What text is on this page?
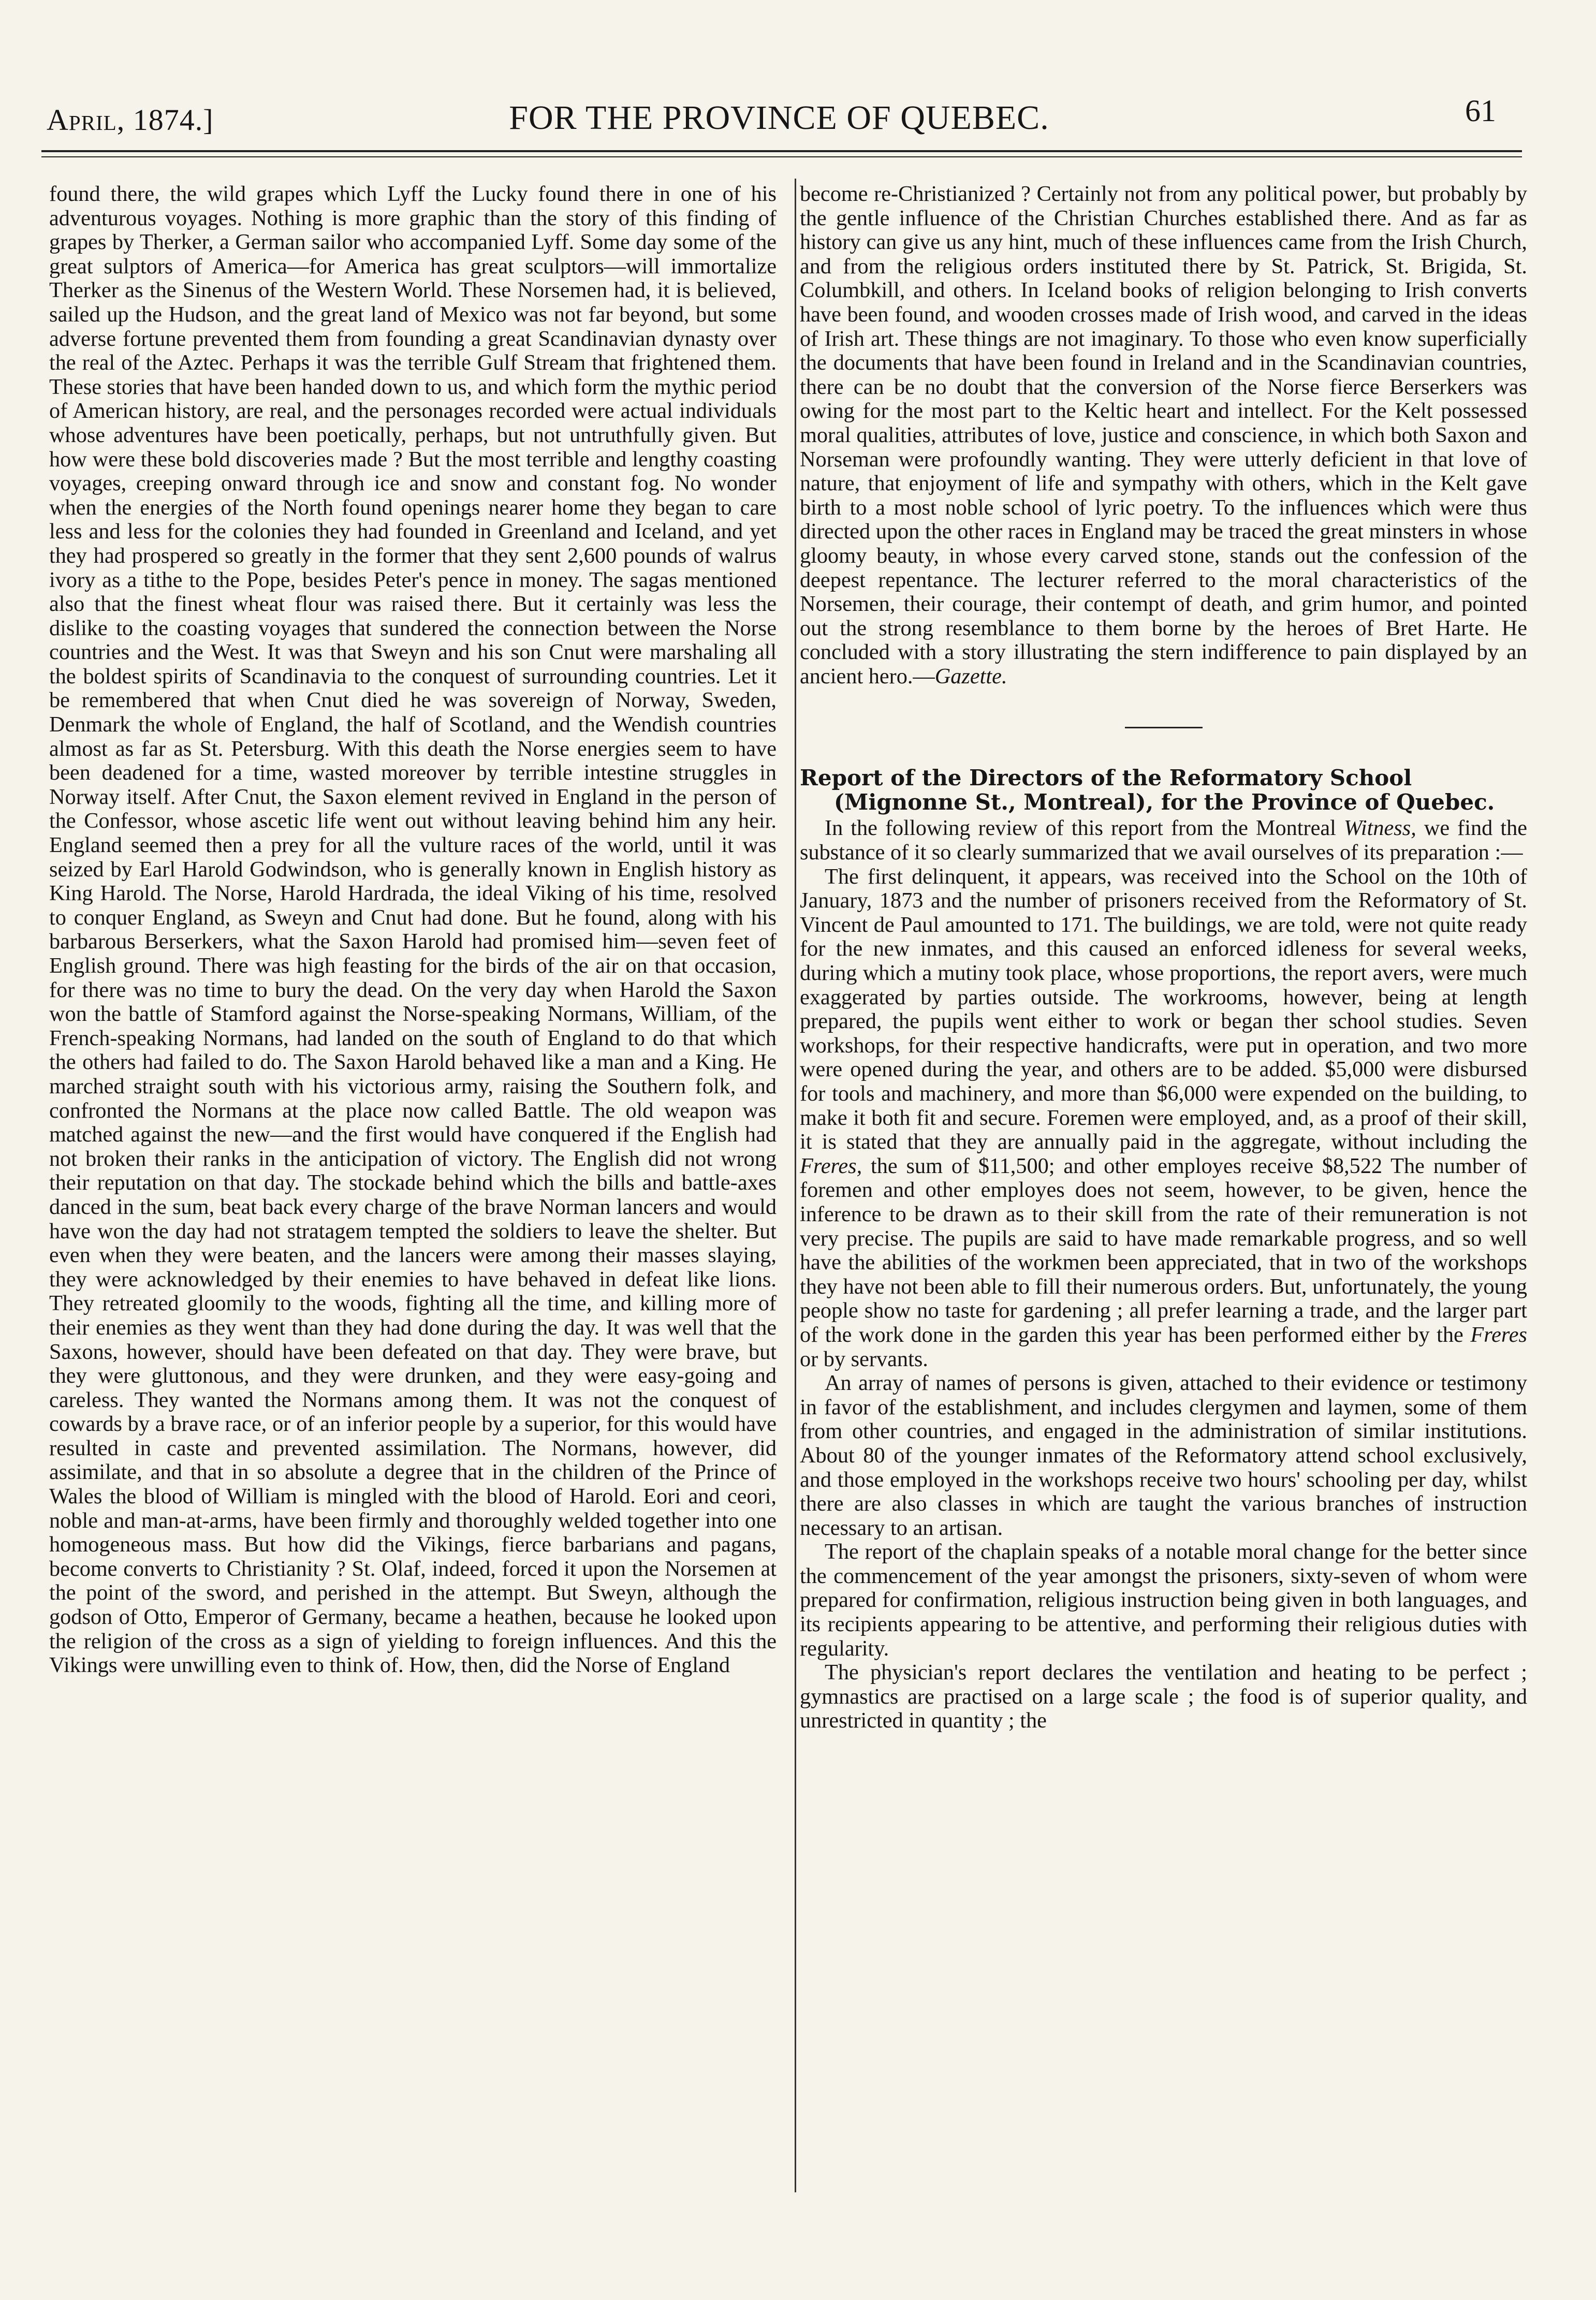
April, 1874.]	FOR THE PROVINCE OF QUEBEC.	61

found there, the wild grapes which Lyff the Lucky found there in one of his adventurous voyages. Nothing is more graphic than the story of this finding of grapes by Therker, a German sailor who accompanied Lyff. Some day some of the great sulptors of America—for America has great sculptors—will immortalize Therker as the Sinenus of the Western World. These Norsemen had, it is believed, sailed up the Hudson, and the great land of Mexico was not far beyond, but some adverse fortune prevented them from founding a great Scandinavian dynasty over the real of the Aztec. Perhaps it was the terrible Gulf Stream that frightened them. These stories that have been handed down to us, and which form the mythic period of American history, are real, and the personages recorded were actual individuals whose adventures have been poetically, perhaps, but not untruthfully given. But how were these bold discoveries made ? But the most terrible and lengthy coasting voyages, creeping onward through ice and snow and constant fog. No wonder when the energies of the North found openings nearer home they began to care less and less for the colonies they had founded in Greenland and Iceland, and yet they had prospered so greatly in the former that they sent 2,600 pounds of walrus ivory as a tithe to the Pope, besides Peter's pence in money. The sagas mentioned also that the finest wheat flour was raised there. But it certainly was less the dislike to the coasting voyages that sundered the connection between the Norse countries and the West. It was that Sweyn and his son Cnut were marshaling all the boldest spirits of Scandinavia to the conquest of surrounding countries. Let it be remembered that when Cnut died he was sovereign of Norway, Sweden, Denmark the whole of England, the half of Scotland, and the Wendish countries almost as far as St. Petersburg. With this death the Norse energies seem to have been deadened for a time, wasted moreover by terrible intestine struggles in Norway itself. After Cnut, the Saxon element revived in England in the person of the Confessor, whose ascetic life went out without leaving behind him any heir. England seemed then a prey for all the vulture races of the world, until it was seized by Earl Harold Godwindson, who is generally known in English history as King Harold. The Norse, Harold Hardrada, the ideal Viking of his time, resolved to conquer England, as Sweyn and Cnut had done. But he found, along with his barbarous Berserkers, what the Saxon Harold had promised him—seven feet of English ground. There was high feasting for the birds of the air on that occasion, for there was no time to bury the dead. On the very day when Harold the Saxon won the battle of Stamford against the Norse-speaking Normans, William, of the French-speaking Normans, had landed on the south of England to do that which the others had failed to do. The Saxon Harold behaved like a man and a King. He marched straight south with his victorious army, raising the Southern folk, and confronted the Normans at the place now called Battle. The old weapon was matched against the new—and the first would have conquered if the English had not broken their ranks in the anticipation of victory. The English did not wrong their reputation on that day. The stockade behind which the bills and battle-axes danced in the sum, beat back every charge of the brave Norman lancers and would have won the day had not stratagem tempted the soldiers to leave the shelter. But even when they were beaten, and the lancers were among their masses slaying, they were acknowledged by their enemies to have behaved in defeat like lions. They retreated gloomily to the woods, fighting all the time, and killing more of their enemies as they went than they had done during the day. It was well that the Saxons, however, should have been defeated on that day. They were brave, but they were gluttonous, and they were drunken, and they were easy-going and careless. They wanted the Normans among them. It was not the conquest of cowards by a brave race, or of an inferior people by a superior, for this would have resulted in caste and prevented assimilation. The Normans, however, did assimilate, and that in so absolute a degree that in the children of the Prince of Wales the blood of William is mingled with the blood of Harold. Eori and ceori, noble and man-at-arms, have been firmly and thoroughly welded together into one homogeneous mass. But how did the Vikings, fierce barbarians and pagans, become converts to Christianity ? St. Olaf, indeed, forced it upon the Norsemen at the point of the sword, and perished in the attempt. But Sweyn, although the godson of Otto, Emperor of Germany, became a heathen, because he looked upon the religion of the cross as a sign of yielding to foreign influences. And this the Vikings were unwilling even to think of. How, then, did the Norse of England

become re-Christianized ? Certainly not from any political power, but probably by the gentle influence of the Christian Churches established there. And as far as history can give us any hint, much of these influences came from the Irish Church, and from the religious orders instituted there by St. Patrick, St. Brigida, St. Columbkill, and others. In Iceland books of religion belonging to Irish converts have been found, and wooden crosses made of Irish wood, and carved in the ideas of Irish art. These things are not imaginary. To those who even know superficially the documents that have been found in Ireland and in the Scandinavian countries, there can be no doubt that the conversion of the Norse fierce Berserkers was owing for the most part to the Keltic heart and intellect. For the Kelt possessed moral qualities, attributes of love, justice and conscience, in which both Saxon and Norseman were profoundly wanting. They were utterly deficient in that love of nature, that enjoyment of life and sympathy with others, which in the Kelt gave birth to a most noble school of lyric poetry. To the influences which were thus directed upon the other races in England may be traced the great minsters in whose gloomy beauty, in whose every carved stone, stands out the confession of the deepest repentance. The lecturer referred to the moral characteristics of the Norsemen, their courage, their contempt of death, and grim humor, and pointed out the strong resemblance to them borne by the heroes of Bret Harte. He concluded with a story illustrating the stern indifference to pain displayed by an ancient hero.—Gazette.

Report of the Directors of the Reformatory School (Mignonne St., Montreal), for the Province of Quebec.

In the following review of this report from the Montreal Witness, we find the substance of it so clearly summarized that we avail ourselves of its preparation :—

The first delinquent, it appears, was received into the School on the 10th of January, 1873 and the number of prisoners received from the Reformatory of St. Vincent de Paul amounted to 171. The buildings, we are told, were not quite ready for the new inmates, and this caused an enforced idleness for several weeks, during which a mutiny took place, whose proportions, the report avers, were much exaggerated by parties outside. The workrooms, however, being at length prepared, the pupils went either to work or began ther school studies. Seven workshops, for their respective handicrafts, were put in operation, and two more were opened during the year, and others are to be added. $5,000 were disbursed for tools and machinery, and more than $6,000 were expended on the building, to make it both fit and secure. Foremen were employed, and, as a proof of their skill, it is stated that they are annually paid in the aggregate, without including the Freres, the sum of $11,500; and other employes receive $8,522 The number of foremen and other employes does not seem, however, to be given, hence the inference to be drawn as to their skill from the rate of their remuneration is not very precise. The pupils are said to have made remarkable progress, and so well have the abilities of the workmen been appreciated, that in two of the workshops they have not been able to fill their numerous orders. But, unfortunately, the young people show no taste for gardening ; all prefer learning a trade, and the larger part of the work done in the garden this year has been performed either by the Freres or by servants.

An array of names of persons is given, attached to their evidence or testimony in favor of the establishment, and includes clergymen and laymen, some of them from other countries, and engaged in the administration of similar institutions. About 80 of the younger inmates of the Reformatory attend school exclusively, and those employed in the workshops receive two hours' schooling per day, whilst there are also classes in which are taught the various branches of instruction necessary to an artisan.

The report of the chaplain speaks of a notable moral change for the better since the commencement of the year amongst the prisoners, sixty-seven of whom were prepared for confirmation, religious instruction being given in both languages, and its recipients appearing to be attentive, and performing their religious duties with regularity.

The physician's report declares the ventilation and heating to be perfect ; gymnastics are practised on a large scale ; the food is of superior quality, and unrestricted in quantity ; the
